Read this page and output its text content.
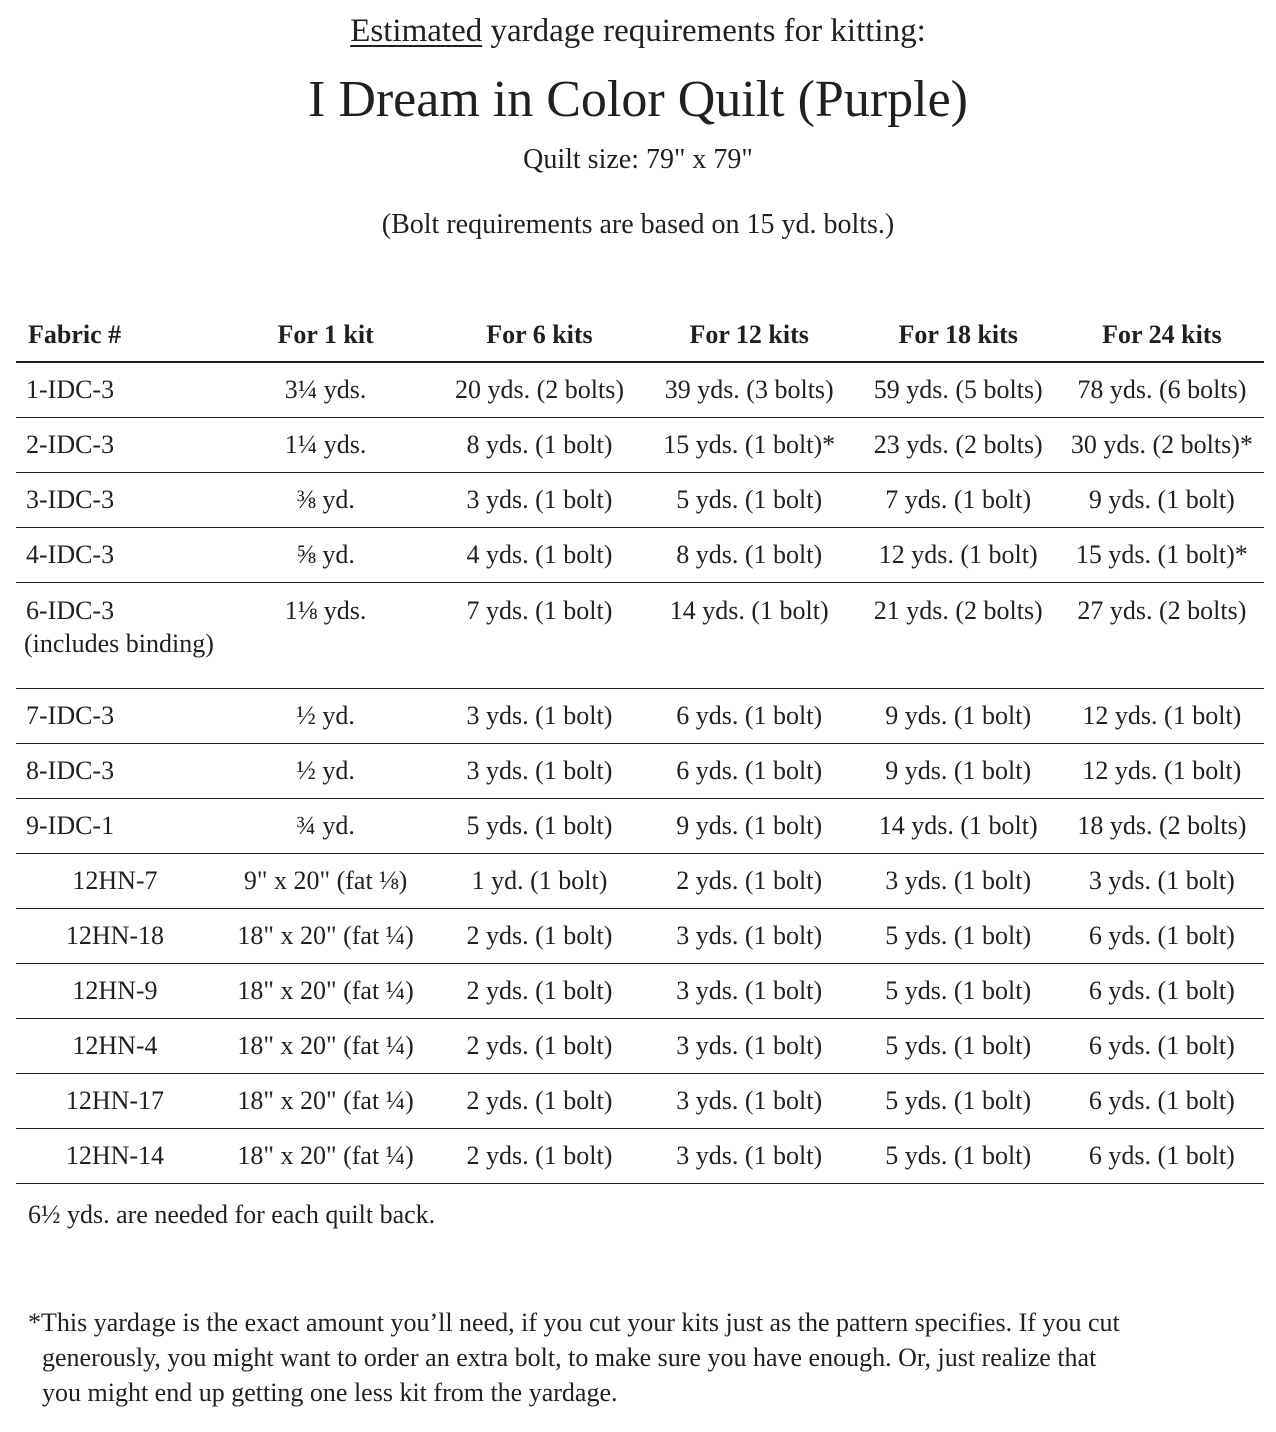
Estimated yardage requirements for kitting:
I Dream in Color Quilt (Purple)
Quilt size: 79" x 79"
(Bolt requirements are based on 15 yd. bolts.)
Fabric #	For 1 kit	For 6 kits	For 12 kits	For 18 kits	For 24 kits
1-IDC-3	3¼ yds.	20 yds. (2 bolts)	39 yds. (3 bolts)	59 yds. (5 bolts)	78 yds. (6 bolts)
2-IDC-3	1¼ yds.	8 yds. (1 bolt)	15 yds. (1 bolt)*	23 yds. (2 bolts)	30 yds. (2 bolts)*
3-IDC-3	⅜ yd.	3 yds. (1 bolt)	5 yds. (1 bolt)	7 yds. (1 bolt)	9 yds. (1 bolt)
4-IDC-3	⅝ yd.	4 yds. (1 bolt)	8 yds. (1 bolt)	12 yds. (1 bolt)	15 yds. (1 bolt)*
6-IDC-3
(includes binding)	1⅛ yds.	7 yds. (1 bolt)	14 yds. (1 bolt)	21 yds. (2 bolts)	27 yds. (2 bolts)
7-IDC-3	½ yd.	3 yds. (1 bolt)	6 yds. (1 bolt)	9 yds. (1 bolt)	12 yds. (1 bolt)
8-IDC-3	½ yd.	3 yds. (1 bolt)	6 yds. (1 bolt)	9 yds. (1 bolt)	12 yds. (1 bolt)
9-IDC-1	¾ yd.	5 yds. (1 bolt)	9 yds. (1 bolt)	14 yds. (1 bolt)	18 yds. (2 bolts)
12HN-7	9" x 20" (fat ⅛)	1 yd. (1 bolt)	2 yds. (1 bolt)	3 yds. (1 bolt)	3 yds. (1 bolt)
12HN-18	18" x 20" (fat ¼)	2 yds. (1 bolt)	3 yds. (1 bolt)	5 yds. (1 bolt)	6 yds. (1 bolt)
12HN-9	18" x 20" (fat ¼)	2 yds. (1 bolt)	3 yds. (1 bolt)	5 yds. (1 bolt)	6 yds. (1 bolt)
12HN-4	18" x 20" (fat ¼)	2 yds. (1 bolt)	3 yds. (1 bolt)	5 yds. (1 bolt)	6 yds. (1 bolt)
12HN-17	18" x 20" (fat ¼)	2 yds. (1 bolt)	3 yds. (1 bolt)	5 yds. (1 bolt)	6 yds. (1 bolt)
12HN-14	18" x 20" (fat ¼)	2 yds. (1 bolt)	3 yds. (1 bolt)	5 yds. (1 bolt)	6 yds. (1 bolt)
6½ yds. are needed for each quilt back.
*This yardage is the exact amount you’ll need, if you cut your kits just as the pattern specifies. If you cut
generously, you might want to order an extra bolt, to make sure you have enough. Or, just realize that
you might end up getting one less kit from the yardage.
